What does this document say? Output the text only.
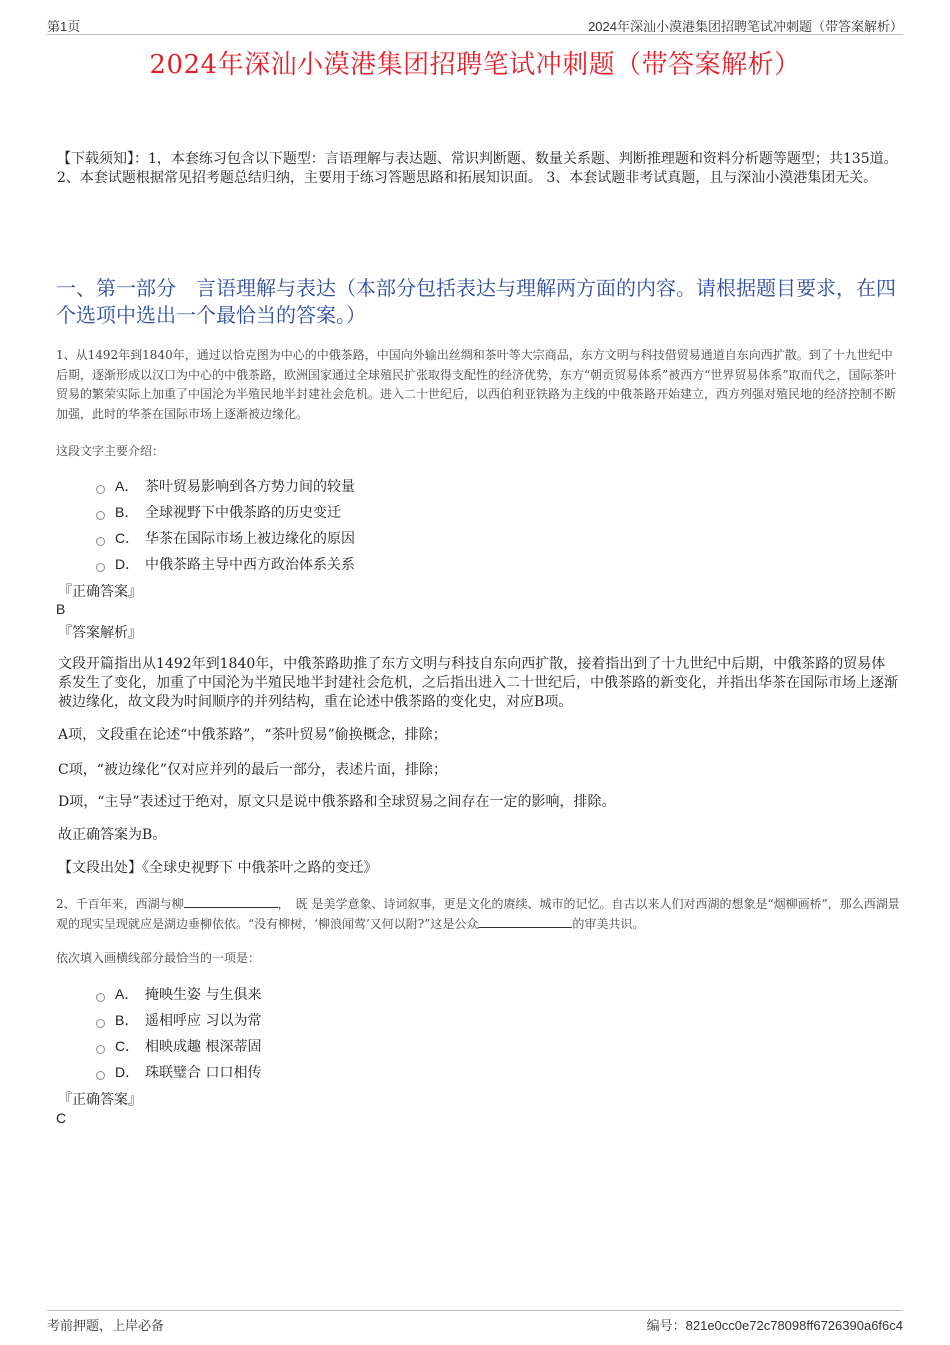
第1页	2024年深汕小漠港集团招聘笔试冲刺题（带答案解析）
2024年深汕小漠港集团招聘笔试冲刺题（带答案解析）
【下载须知】：1，本套练习包含以下题型：言语理解与表达题、常识判断题、数量关系题、判断推理题和资料分析题等题型；共135道。 2、本套试题根据常见招考题总结归纳，主要用于练习答题思路和拓展知识面。 3、本套试题非考试真题，且与深汕小漠港集团无关。
一、第一部分　言语理解与表达（本部分包括表达与理解两方面的内容。请根据题目要求，在四个选项中选出一个最恰当的答案。）
1、从1492年到1840年，通过以恰克图为中心的中俄茶路，中国向外输出丝绸和茶叶等大宗商品，东方文明与科技借贸易通道自东向西扩散。到了十九世纪中后期，逐渐形成以汉口为中心的中俄茶路，欧洲国家通过全球殖民扩张取得支配性的经济优势，东方“朝贡贸易体系”被西方“世界贸易体系”取而代之，国际茶叶贸易的繁荣实际上加重了中国沦为半殖民地半封建社会危机。进入二十世纪后，以西伯利亚铁路为主线的中俄茶路开始建立，西方列强对殖民地的经济控制不断加强，此时的华茶在国际市场上逐渐被边缘化。
这段文字主要介绍：
A． 茶叶贸易影响到各方势力间的较量
B． 全球视野下中俄茶路的历史变迁
C． 华茶在国际市场上被边缘化的原因
D． 中俄茶路主导中西方政治体系关系
『正确答案』
B
『答案解析』
文段开篇指出从1492年到1840年，中俄茶路助推了东方文明与科技自东向西扩散，接着指出到了十九世纪中后期，中俄茶路的贸易体系发生了变化，加重了中国沦为半殖民地半封建社会危机，之后指出进入二十世纪后，中俄茶路的新变化，并指出华茶在国际市场上逐渐被边缘化，故文段为时间顺序的并列结构，重在论述中俄茶路的变化史，对应B项。
A项，文段重在论述“中俄茶路”，“茶叶贸易”偷换概念，排除；
C项，“被边缘化”仅对应并列的最后一部分，表述片面，排除；
D项，“主导”表述过于绝对，原文只是说中俄茶路和全球贸易之间存在一定的影响，排除。
故正确答案为B。
【文段出处】《全球史视野下 中俄茶叶之路的变迁》
2、千百年来，西湖与柳	，　既 是美学意象、诗词叙事，更是文化的赓续、城市的记忆。自古以来人们对西湖的想象是“烟柳画桥”，那么西湖景观的现实呈现就应是湖边垂柳依依。“没有柳树，‘柳浪闻莺’又何以附?”这是公众	的审美共识。
依次填入画横线部分最恰当的一项是：
A． 掩映生姿 与生俱来
B． 遥相呼应 习以为常
C． 相映成趣 根深蒂固
D． 珠联璧合 口口相传
『正确答案』
C
考前押题，上岸必备	编号：821e0cc0e72c78098ff6726390a6f6c4
